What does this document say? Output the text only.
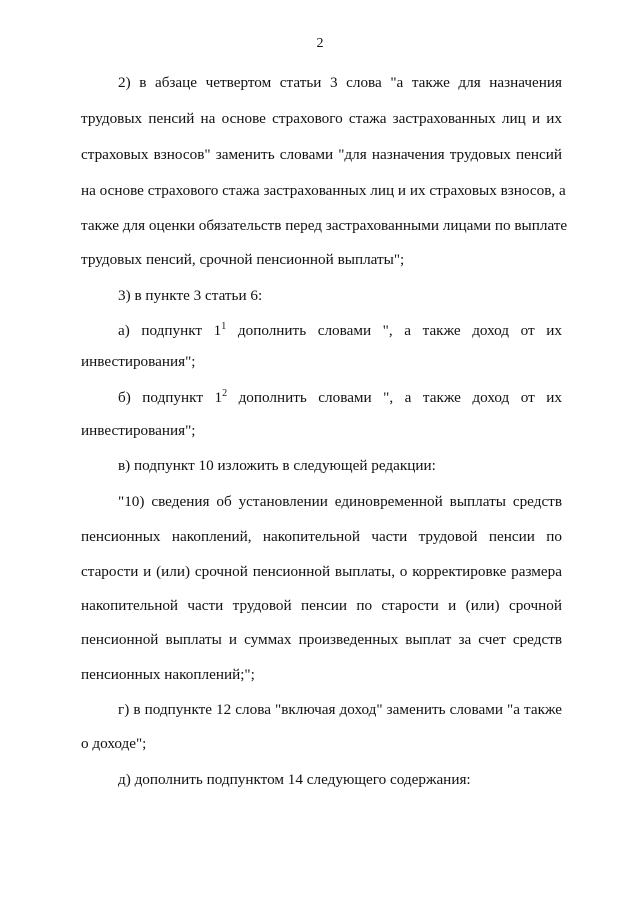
2
2) в абзаце четвертом статьи 3 слова "а также для назначения
трудовых пенсий на основе страхового стажа застрахованных лиц и их
страховых взносов" заменить словами "для назначения трудовых пенсий
на основе страхового стажа застрахованных лиц и их страховых взносов, а
также для оценки обязательств перед застрахованными лицами по выплате
трудовых пенсий, срочной пенсионной выплаты";
3) в пункте 3 статьи 6:
а) подпункт $1^1$ дополнить словами ", а также доход от их
инвестирования";
б) подпункт $1^2$ дополнить словами ", а также доход от их
инвестирования";
в) подпункт 10 изложить в следующей редакции:
"10) сведения об установлении единовременной выплаты средств
пенсионных накоплений, накопительной части трудовой пенсии по
старости и (или) срочной пенсионной выплаты, о корректировке размера
накопительной части трудовой пенсии по старости и (или) срочной
пенсионной выплаты и суммах произведенных выплат за счет средств
пенсионных накоплений;";
г) в подпункте 12 слова "включая доход" заменить словами "а также
о доходе";
д) дополнить подпунктом 14 следующего содержания:
